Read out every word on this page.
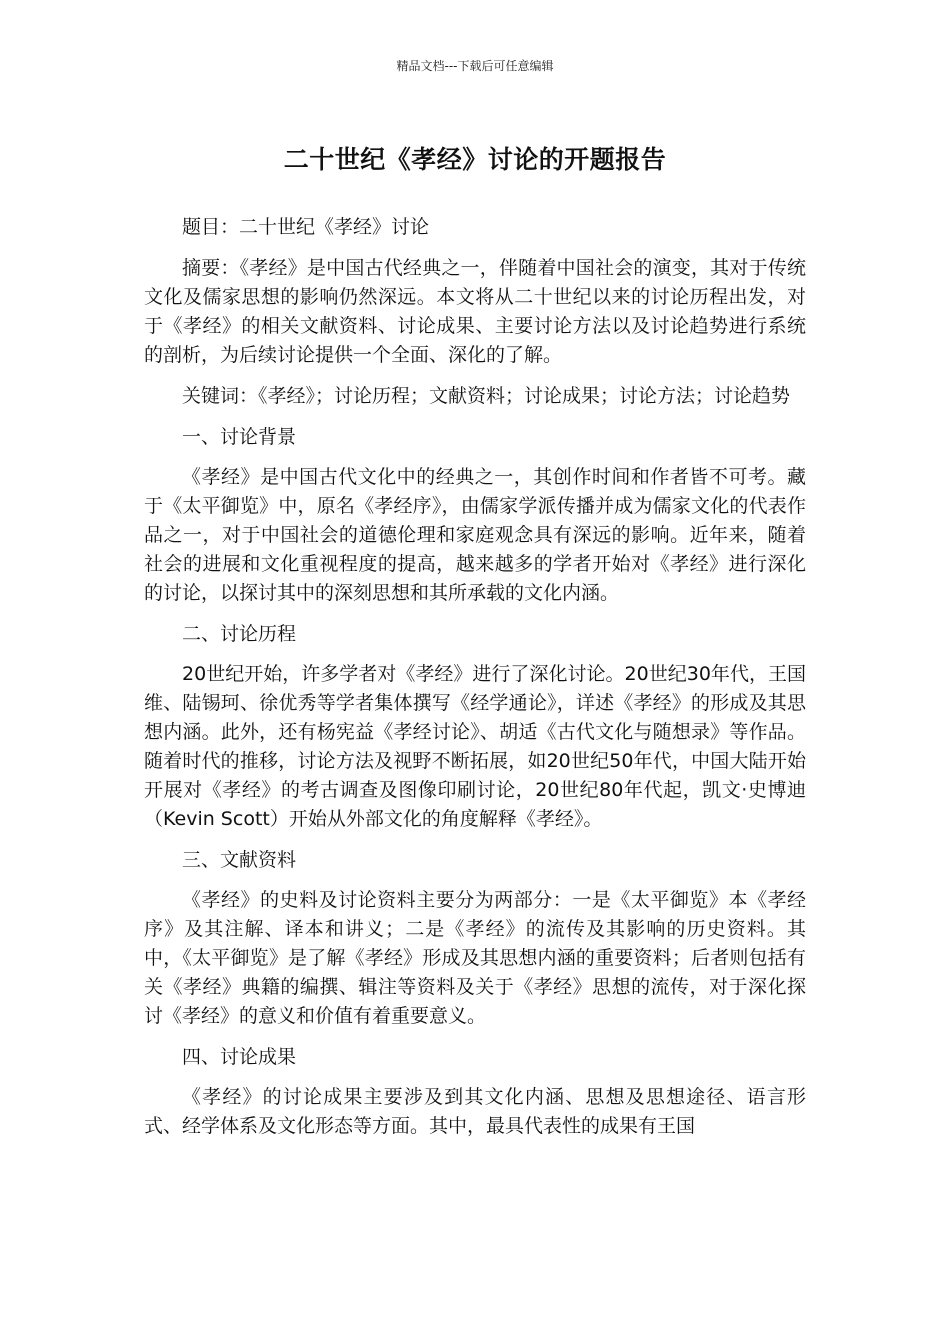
精品文档---下载后可任意编辑
二十世纪《孝经》讨论的开题报告

题目：二十世纪《孝经》讨论

摘要：《孝经》是中国古代经典之一，伴随着中国社会的演变，其对于传统文化及儒家思想的影响仍然深远。本文将从二十世纪以来的讨论历程出发，对于《孝经》的相关文献资料、讨论成果、主要讨论方法以及讨论趋势进行系统的剖析，为后续讨论提供一个全面、深化的了解。

关键词：《孝经》；讨论历程；文献资料；讨论成果；讨论方法；讨论趋势

一、讨论背景

《孝经》是中国古代文化中的经典之一，其创作时间和作者皆不可考。藏于《太平御览》中，原名《孝经序》，由儒家学派传播并成为儒家文化的代表作品之一，对于中国社会的道德伦理和家庭观念具有深远的影响。近年来，随着社会的进展和文化重视程度的提高，越来越多的学者开始对《孝经》进行深化的讨论，以探讨其中的深刻思想和其所承载的文化内涵。

二、讨论历程

20世纪开始，许多学者对《孝经》进行了深化讨论。20世纪30年代，王国维、陆锡珂、徐优秀等学者集体撰写《经学通论》，详述《孝经》的形成及其思想内涵。此外，还有杨宪益《孝经讨论》、胡适《古代文化与随想录》等作品。随着时代的推移，讨论方法及视野不断拓展，如20世纪50年代，中国大陆开始开展对《孝经》的考古调查及图像印刷讨论，20世纪80年代起，凯文·史博迪（Kevin Scott）开始从外部文化的角度解释《孝经》。

三、文献资料

《孝经》的史料及讨论资料主要分为两部分：一是《太平御览》本《孝经序》及其注解、译本和讲义；二是《孝经》的流传及其影响的历史资料。其中，《太平御览》是了解《孝经》形成及其思想内涵的重要资料；后者则包括有关《孝经》典籍的编撰、辑注等资料及关于《孝经》思想的流传，对于深化探讨《孝经》的意义和价值有着重要意义。

四、讨论成果

《孝经》的讨论成果主要涉及到其文化内涵、思想及思想途径、语言形式、经学体系及文化形态等方面。其中，最具代表性的成果有王国
